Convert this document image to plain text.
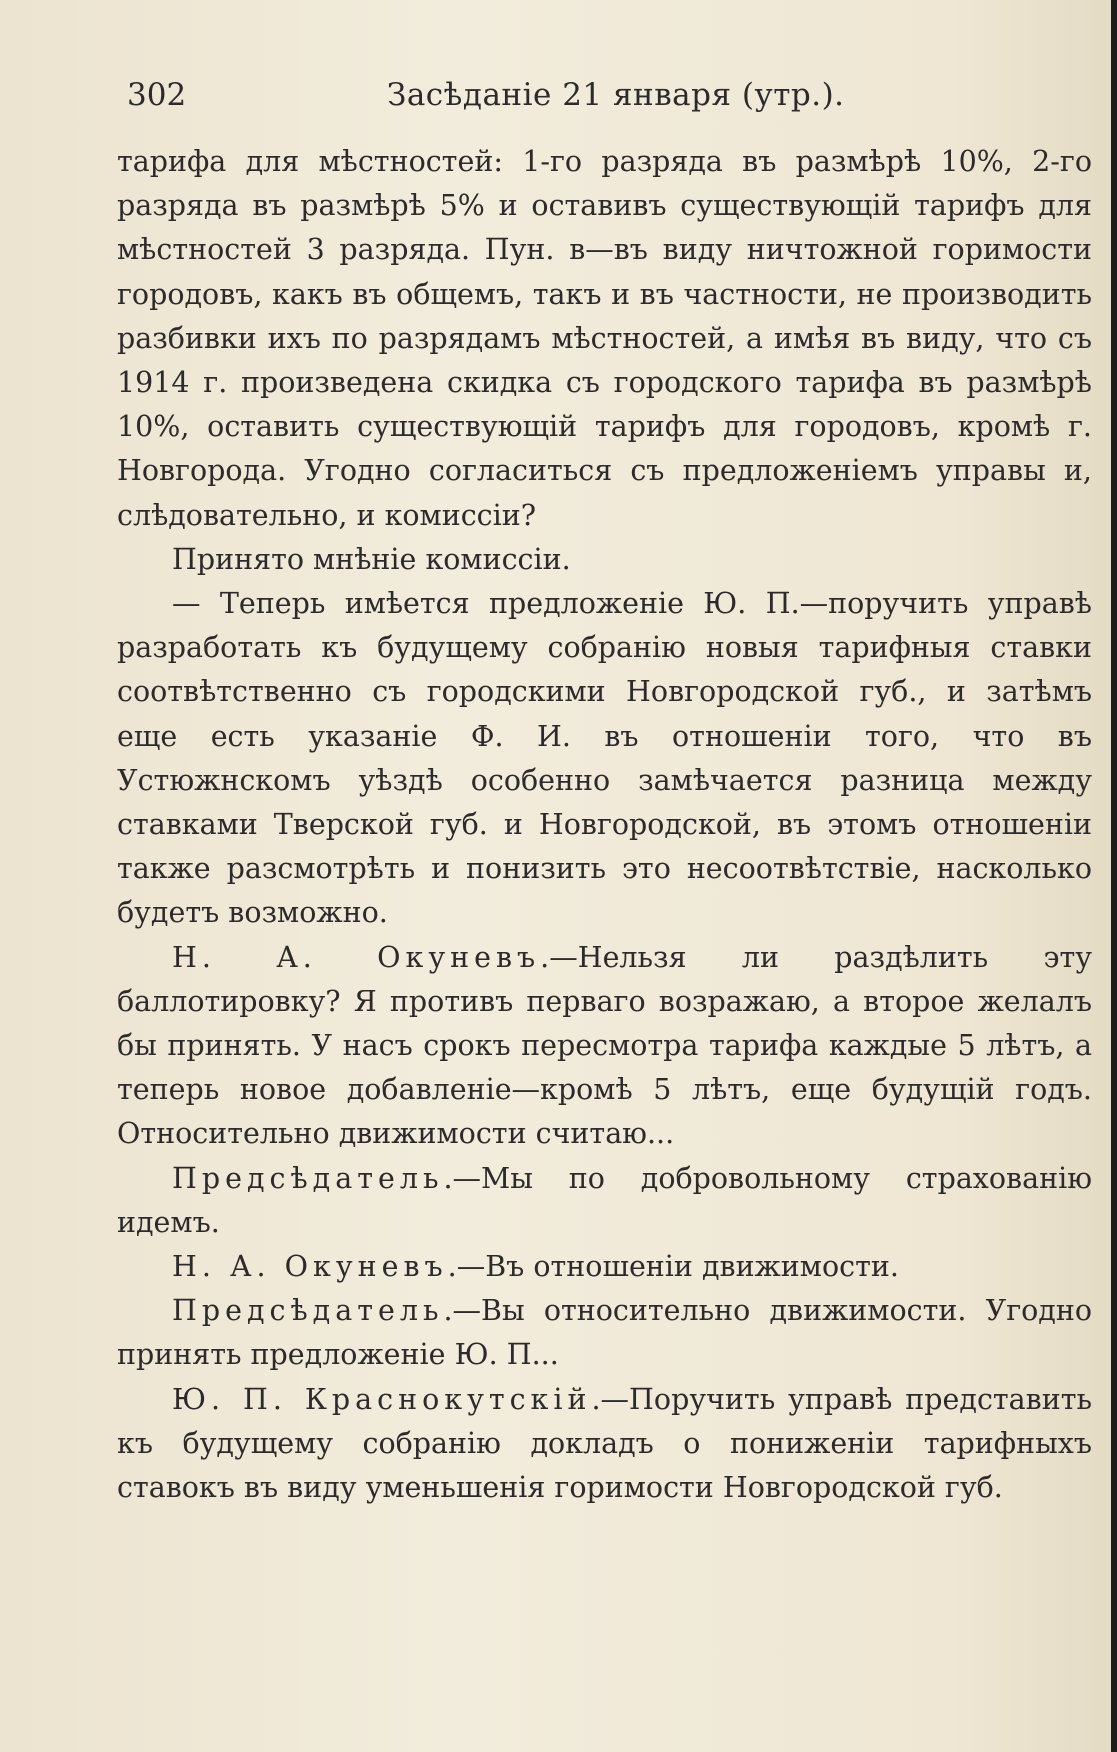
302	Засѣданіе 21 января (утр.).

тарифа для мѣстностей: 1-го разряда въ размѣрѣ 10%, 2-го разряда въ размѣрѣ 5% и оставивъ существующій тарифъ для мѣстностей 3 разряда. Пун. в—въ виду ничтожной горимости городовъ, какъ въ общемъ, такъ и въ частности, не производить разбивки ихъ по разрядамъ мѣстностей, а имѣя въ виду, что съ 1914 г. произведена скидка съ городского тарифа въ размѣрѣ 10%, оставить существующій тарифъ для городовъ, кромѣ г. Новгорода. Угодно согласиться съ предложеніемъ управы и, слѣдовательно, и комиссіи?

Принято мнѣніе комиссіи.

— Теперь имѣется предложеніе Ю. П.—поручить управѣ разработать къ будущему собранію новыя тарифныя ставки соотвѣтственно съ городскими Новгородской губ., и затѣмъ еще есть указаніе Ф. И. въ отношеніи того, что въ Устюжнскомъ уѣздѣ особенно замѣчается разница между ставками Тверской губ. и Новгородской, въ этомъ отношеніи также разсмотрѣть и понизить это несоотвѣтствіе, насколько будетъ возможно.

Н. А. Окуневъ.—Нельзя ли раздѣлить эту баллотировку? Я противъ перваго возражаю, а второе желалъ бы принять. У насъ срокъ пересмотра тарифа каждые 5 лѣтъ, а теперь новое добавленіе—кромѣ 5 лѣтъ, еще будущій годъ. Относительно движимости считаю...

Предсѣдатель.—Мы по добровольному страхованію идемъ.

Н. А. Окуневъ.—Въ отношеніи движимости.

Предсѣдатель.—Вы относительно движимости. Угодно принять предложеніе Ю. П...

Ю. П. Краснокутскій.—Поручить управѣ представить къ будущему собранію докладъ о пониженіи тарифныхъ ставокъ въ виду уменьшенія горимости Новгородской губ.
